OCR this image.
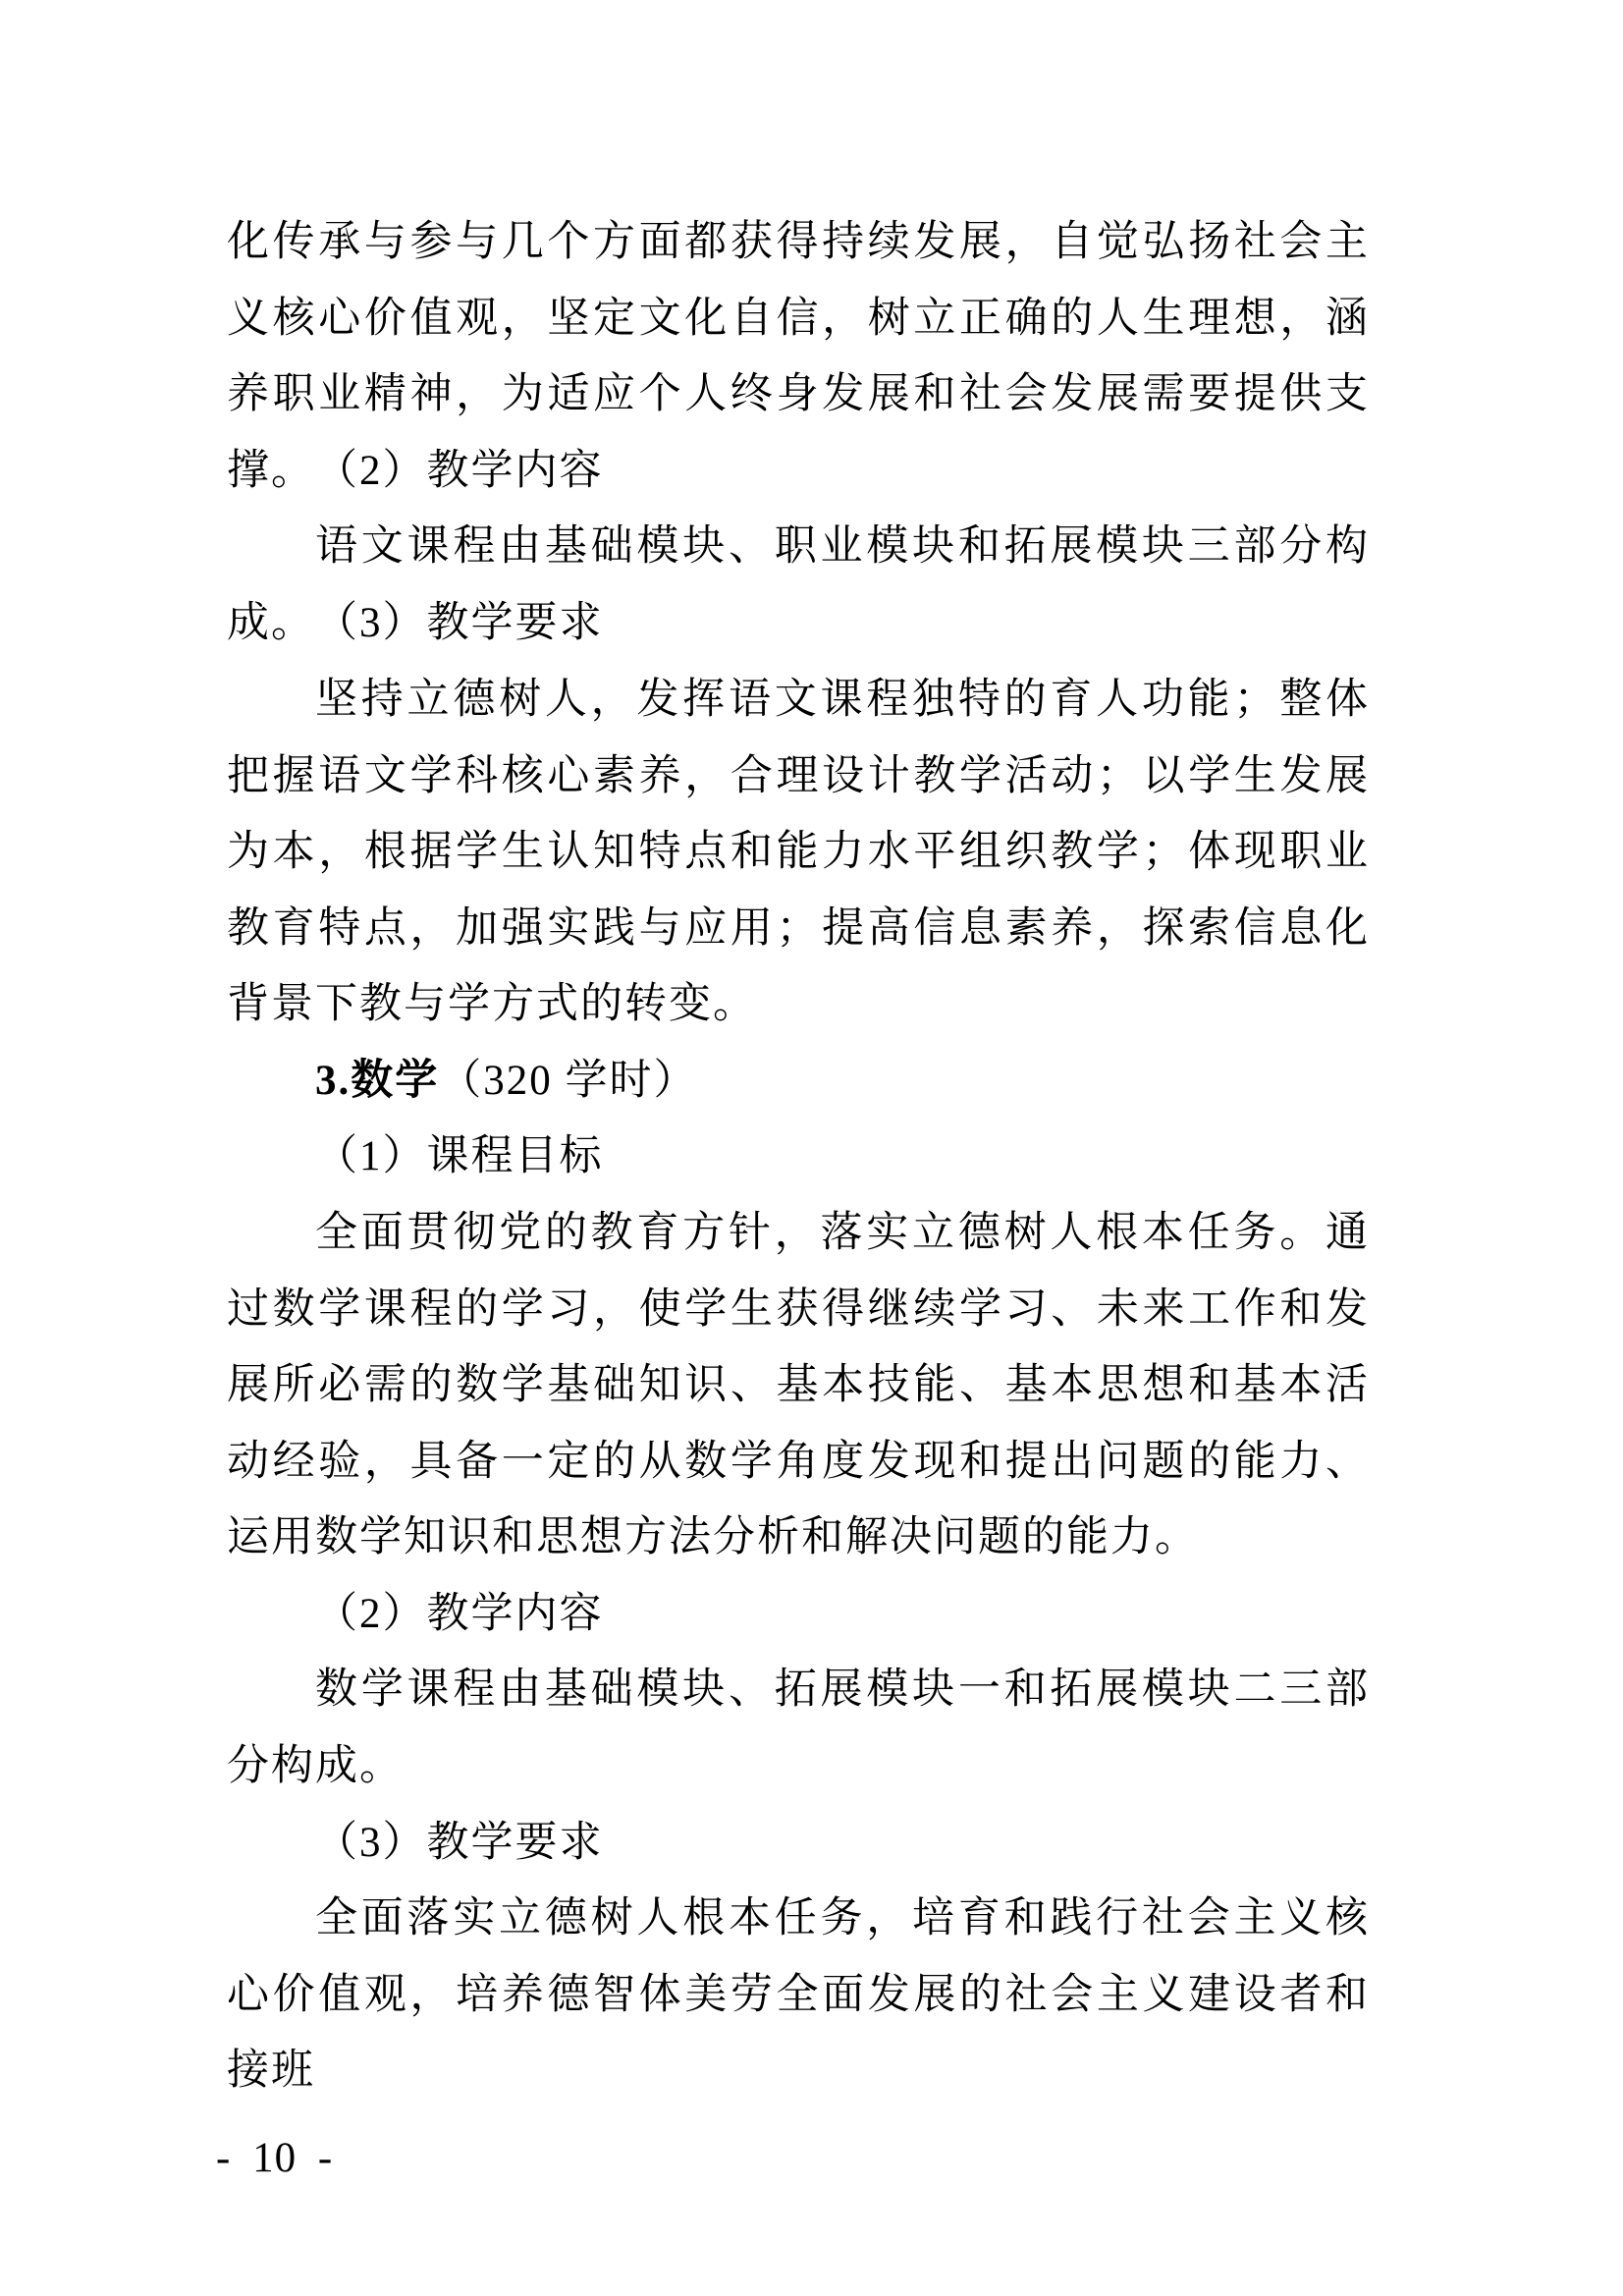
化传承与参与几个方面都获得持续发展，自觉弘扬社会主义核心价值观，坚定文化自信，树立正确的人生理想，涵养职业精神，为适应个人终身发展和社会发展需要提供支撑。 （2）教学内容

语文课程由基础模块、职业模块和拓展模块三部分构成。 （3）教学要求

坚持立德树人，发挥语文课程独特的育人功能；整体把握语文学科核心素养，合理设计教学活动；以学生发展为本，根据学生认知特点和能力水平组织教学；体现职业教育特点，加强实践与应用；提高信息素养，探索信息化背景下教与学方式的转变。

3.数学（320 学时）

（1）课程目标

全面贯彻党的教育方针，落实立德树人根本任务。通过数学课程的学习，使学生获得继续学习、未来工作和发展所必需的数学基础知识、基本技能、基本思想和基本活动经验，具备一定的从数学角度发现和提出问题的能力、运用数学知识和思想方法分析和解决问题的能力。

（2）教学内容

数学课程由基础模块、拓展模块一和拓展模块二三部分构成。

（3）教学要求

全面落实立德树人根本任务，培育和践行社会主义核心价值观，培养德智体美劳全面发展的社会主义建设者和接班

- 10 -
